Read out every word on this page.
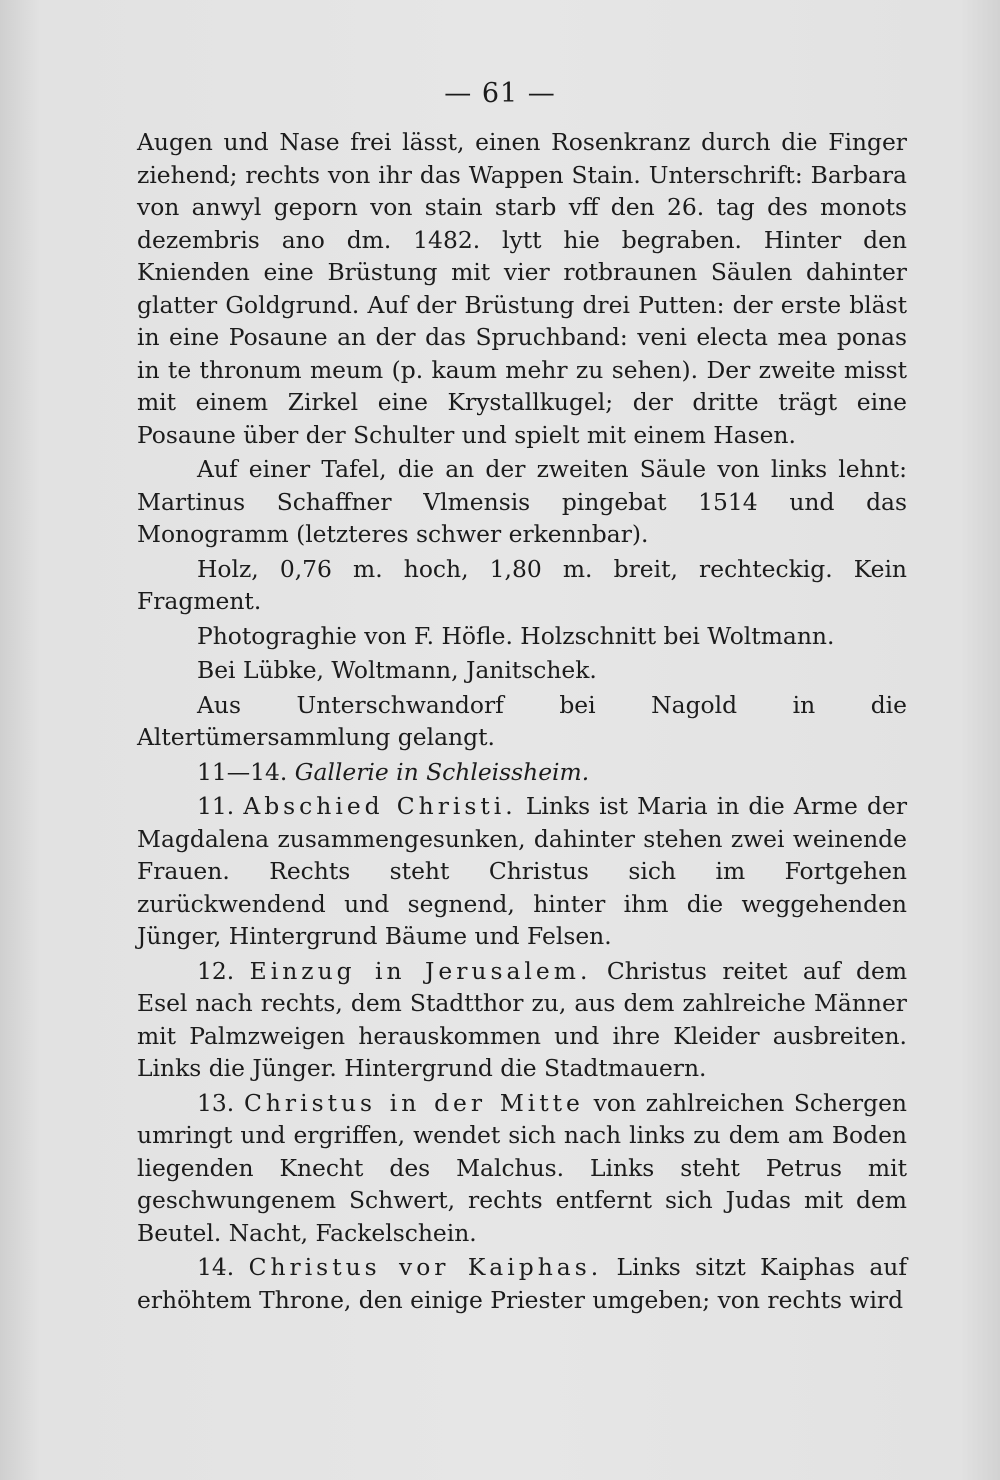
— 61 —

Augen und Nase frei lässt, einen Rosenkranz durch die Finger ziehend; rechts von ihr das Wappen Stain. Unterschrift: Barbara von anwyl geporn von stain starb vff den 26. tag des monots dezembris ano dm. 1482. lytt hie begraben. Hinter den Knienden eine Brüstung mit vier rotbraunen Säulen dahinter glatter Goldgrund. Auf der Brüstung drei Putten: der erste bläst in eine Posaune an der das Spruchband: veni electa mea ponas in te thronum meum (p. kaum mehr zu sehen). Der zweite misst mit einem Zirkel eine Krystallkugel; der dritte trägt eine Posaune über der Schulter und spielt mit einem Hasen.

Auf einer Tafel, die an der zweiten Säule von links lehnt: Martinus Schaffner Vlmensis pingebat 1514 und das Monogramm (letzteres schwer erkennbar).

Holz, 0,76 m. hoch, 1,80 m. breit, rechteckig. Kein Fragment.

Photograghie von F. Höfle. Holzschnitt bei Woltmann.

Bei Lübke, Woltmann, Janitschek.

Aus Unterschwandorf bei Nagold in die Altertümersammlung gelangt.

11—14. Gallerie in Schleissheim.

11. Abschied Christi. Links ist Maria in die Arme der Magdalena zusammengesunken, dahinter stehen zwei weinende Frauen. Rechts steht Christus sich im Fortgehen zurückwendend und segnend, hinter ihm die weggehenden Jünger, Hintergrund Bäume und Felsen.

12. Einzug in Jerusalem. Christus reitet auf dem Esel nach rechts, dem Stadtthor zu, aus dem zahlreiche Männer mit Palmzweigen herauskommen und ihre Kleider ausbreiten. Links die Jünger. Hintergrund die Stadtmauern.

13. Christus in der Mitte von zahlreichen Schergen umringt und ergriffen, wendet sich nach links zu dem am Boden liegenden Knecht des Malchus. Links steht Petrus mit geschwungenem Schwert, rechts entfernt sich Judas mit dem Beutel. Nacht, Fackelschein.

14. Christus vor Kaiphas. Links sitzt Kaiphas auf erhöhtem Throne, den einige Priester umgeben; von rechts wird
